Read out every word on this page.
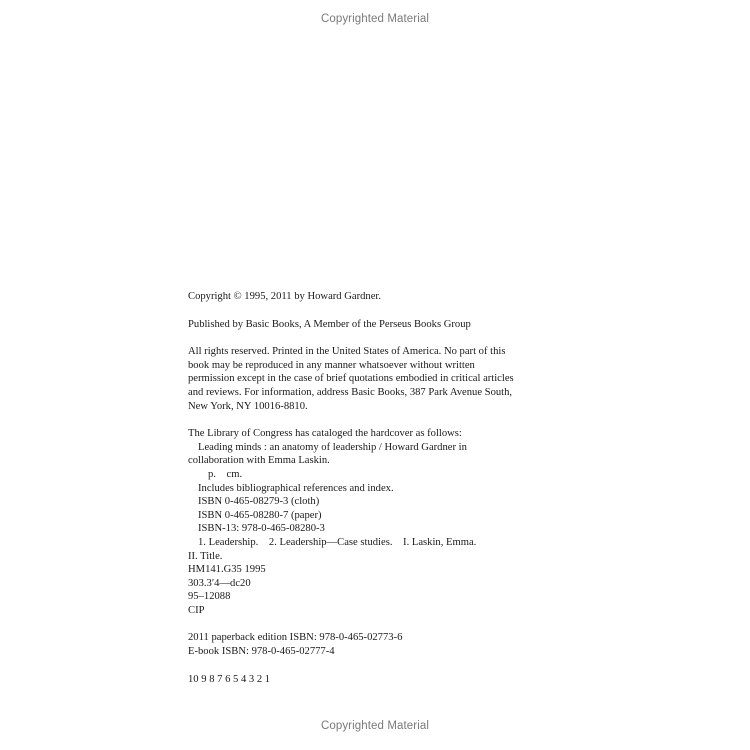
Copyrighted Material
Copyright © 1995, 2011 by Howard Gardner.
Published by Basic Books, A Member of the Perseus Books Group
All rights reserved. Printed in the United States of America. No part of this
book may be reproduced in any manner whatsoever without written
permission except in the case of brief quotations embodied in critical articles
and reviews. For information, address Basic Books, 387 Park Avenue South,
New York, NY 10016-8810.
The Library of Congress has cataloged the hardcover as follows:
Leading minds : an anatomy of leadership / Howard Gardner in
collaboration with Emma Laskin.
p.    cm.
Includes bibliographical references and index.
ISBN 0-465-08279-3 (cloth)
ISBN 0-465-08280-7 (paper)
ISBN-13: 978-0-465-08280-3
1. Leadership.    2. Leadership—Case studies.    I. Laskin, Emma.
II. Title.
HM141.G35 1995
303.3′4—dc20
95–12088
CIP
2011 paperback edition ISBN: 978-0-465-02773-6
E-book ISBN: 978-0-465-02777-4
10 9 8 7 6 5 4 3 2 1
Copyrighted Material
